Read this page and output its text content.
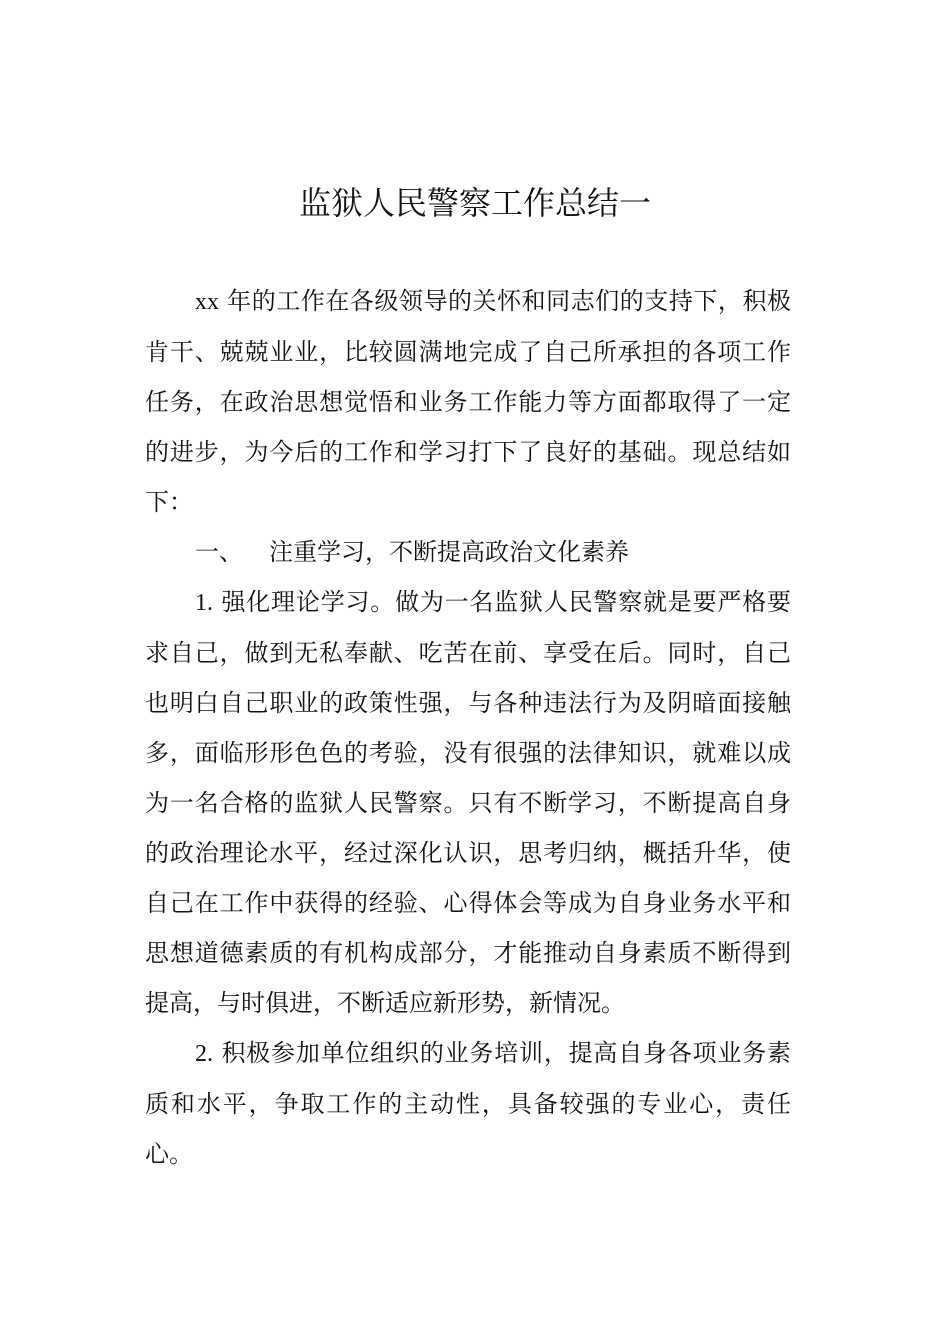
监狱人民警察工作总结一

xx 年的工作在各级领导的关怀和同志们的支持下，积极肯干、兢兢业业，比较圆满地完成了自己所承担的各项工作任务，在政治思想觉悟和业务工作能力等方面都取得了一定的进步，为今后的工作和学习打下了良好的基础。现总结如下：

一、 注重学习，不断提高政治文化素养

1. 强化理论学习。做为一名监狱人民警察就是要严格要求自己，做到无私奉献、吃苦在前、享受在后。同时，自己也明白自己职业的政策性强，与各种违法行为及阴暗面接触多，面临形形色色的考验，没有很强的法律知识，就难以成为一名合格的监狱人民警察。只有不断学习，不断提高自身的政治理论水平，经过深化认识，思考归纳，概括升华，使自己在工作中获得的经验、心得体会等成为自身业务水平和思想道德素质的有机构成部分，才能推动自身素质不断得到提高，与时俱进，不断适应新形势，新情况。

2. 积极参加单位组织的业务培训，提高自身各项业务素质和水平，争取工作的主动性，具备较强的专业心，责任心。
